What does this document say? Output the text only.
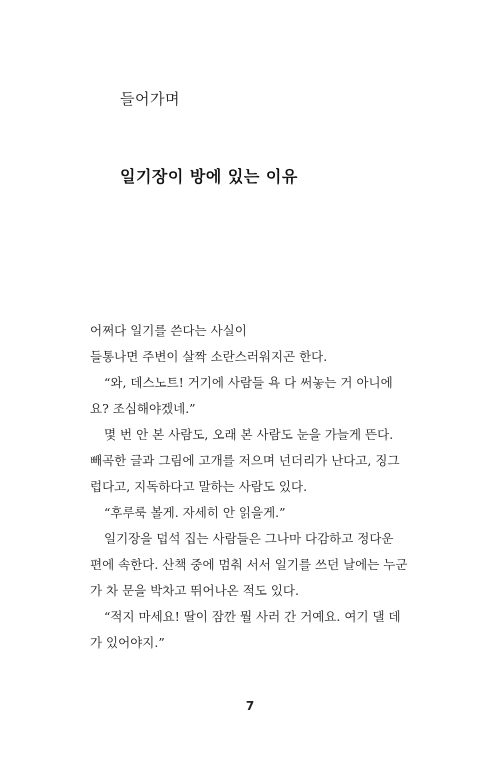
들어가며
일기장이 방에 있는 이유

어쩌다 일기를 쓴다는 사실이

들통나면 주변이 살짝 소란스러워지곤 한다.

“와, 데스노트! 거기에 사람들 욕 다 써놓는 거 아니에

요? 조심해야겠네.”

몇 번 안 본 사람도, 오래 본 사람도 눈을 가늘게 뜬다.

빼곡한 글과 그림에 고개를 저으며 넌더리가 난다고, 징그

럽다고, 지독하다고 말하는 사람도 있다.

“후루룩 볼게. 자세히 안 읽을게.”

일기장을 덥석 집는 사람들은 그나마 다감하고 정다운

편에 속한다. 산책 중에 멈춰 서서 일기를 쓰던 날에는 누군

가 차 문을 박차고 뛰어나온 적도 있다.

“적지 마세요! 딸이 잠깐 뭘 사러 간 거예요. 여기 댈 데

가 있어야지.”

7
